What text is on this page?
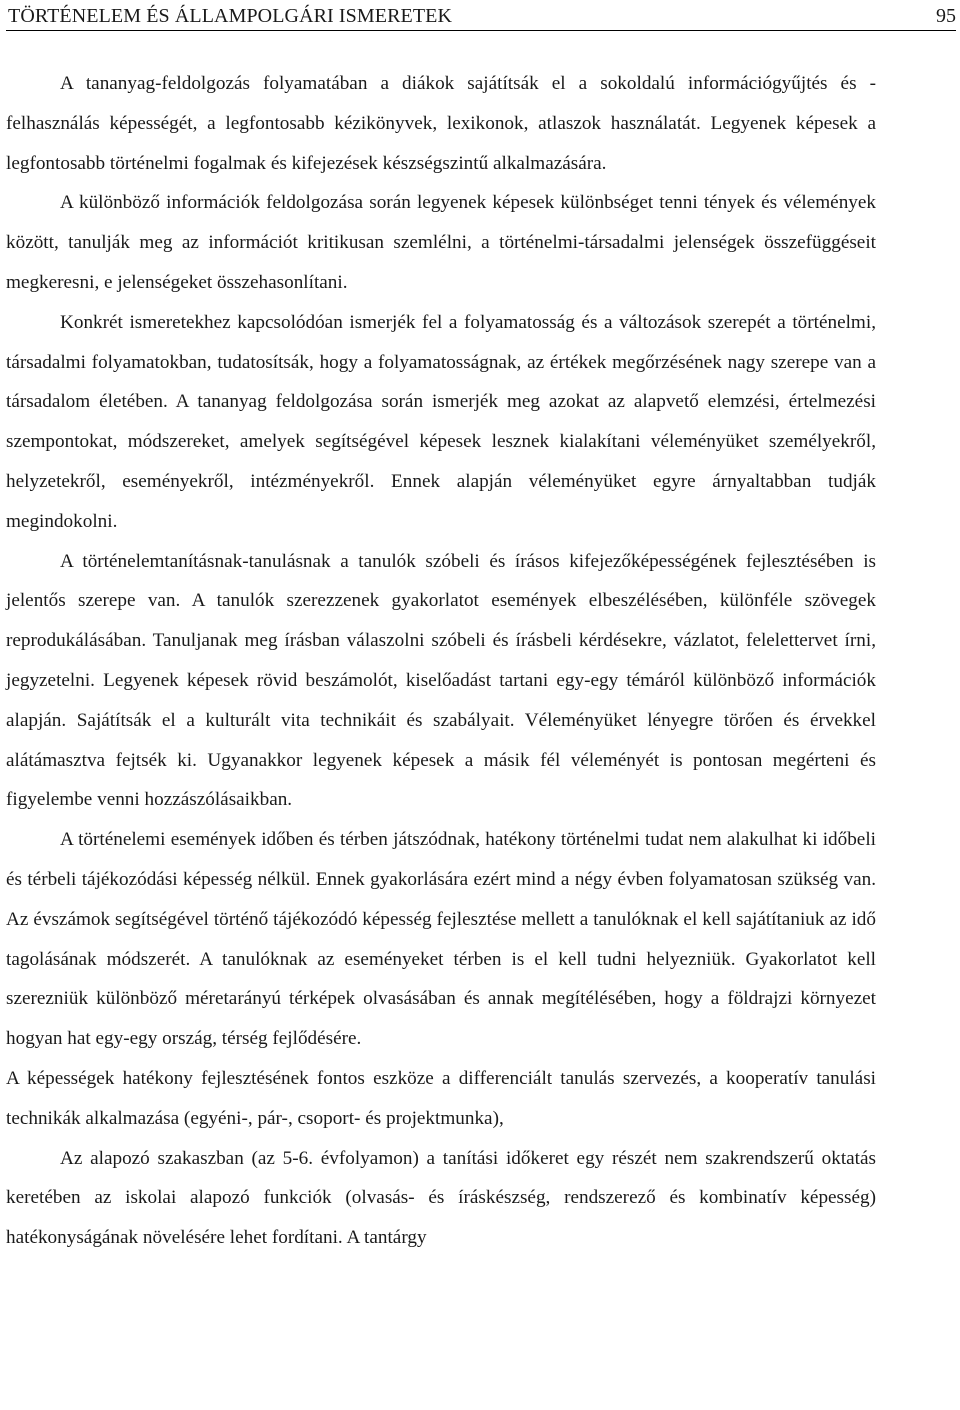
TÖRTÉNELEM ÉS ÁLLAMPOLGÁRI ISMERETEK	95

A tananyag-feldolgozás folyamatában a diákok sajátítsák el a sokoldalú információgyűjtés és -felhasználás képességét, a legfontosabb kézikönyvek, lexikonok, atlaszok használatát. Legyenek képesek a legfontosabb történelmi fogalmak és kifejezések készségszintű alkalmazására.

A különböző információk feldolgozása során legyenek képesek különbséget tenni tények és vélemények között, tanulják meg az információt kritikusan szemlélni, a történelmi-társadalmi jelenségek összefüggéseit megkeresni, e jelenségeket összehasonlítani.

Konkrét ismeretekhez kapcsolódóan ismerjék fel a folyamatosság és a változások szerepét a történelmi, társadalmi folyamatokban, tudatosítsák, hogy a folyamatosságnak, az értékek megőrzésének nagy szerepe van a társadalom életében. A tananyag feldolgozása során ismerjék meg azokat az alapvető elemzési, értelmezési szempontokat, módszereket, amelyek segítségével képesek lesznek kialakítani véleményüket személyekről, helyzetekről, eseményekről, intézményekről. Ennek alapján véleményüket egyre árnyaltabban tudják megindokolni.

A történelemtanításnak-tanulásnak a tanulók szóbeli és írásos kifejezőképességének fejlesztésében is jelentős szerepe van. A tanulók szerezzenek gyakorlatot események elbeszélésében, különféle szövegek reprodukálásában. Tanuljanak meg írásban válaszolni szóbeli és írásbeli kérdésekre, vázlatot, felelettervet írni, jegyzetelni. Legyenek képesek rövid beszámolót, kiselőadást tartani egy-egy témáról különböző információk alapján. Sajátítsák el a kulturált vita technikáit és szabályait. Véleményüket lényegre törően és érvekkel alátámasztva fejtsék ki. Ugyanakkor legyenek képesek a másik fél véleményét is pontosan megérteni és figyelembe venni hozzászólásaikban.

A történelemi események időben és térben játszódnak, hatékony történelmi tudat nem alakulhat ki időbeli és térbeli tájékozódási képesség nélkül. Ennek gyakorlására ezért mind a négy évben folyamatosan szükség van. Az évszámok segítségével történő tájékozódó képesség fejlesztése mellett a tanulóknak el kell sajátítaniuk az idő tagolásának módszerét. A tanulóknak az eseményeket térben is el kell tudni helyezniük. Gyakorlatot kell szerezniük különböző méretarányú térképek olvasásában és annak megítélésében, hogy a földrajzi környezet hogyan hat egy-egy ország, térség fejlődésére.

A képességek hatékony fejlesztésének fontos eszköze a differenciált tanulás szervezés, a kooperatív tanulási technikák alkalmazása (egyéni-, pár-, csoport- és projektmunka),

Az alapozó szakaszban (az 5-6. évfolyamon) a tanítási időkeret egy részét nem szakrendszerű oktatás keretében az iskolai alapozó funkciók (olvasás- és íráskészség, rendszerező és kombinatív képesség) hatékonyságának növelésére lehet fordítani. A tantárgy
